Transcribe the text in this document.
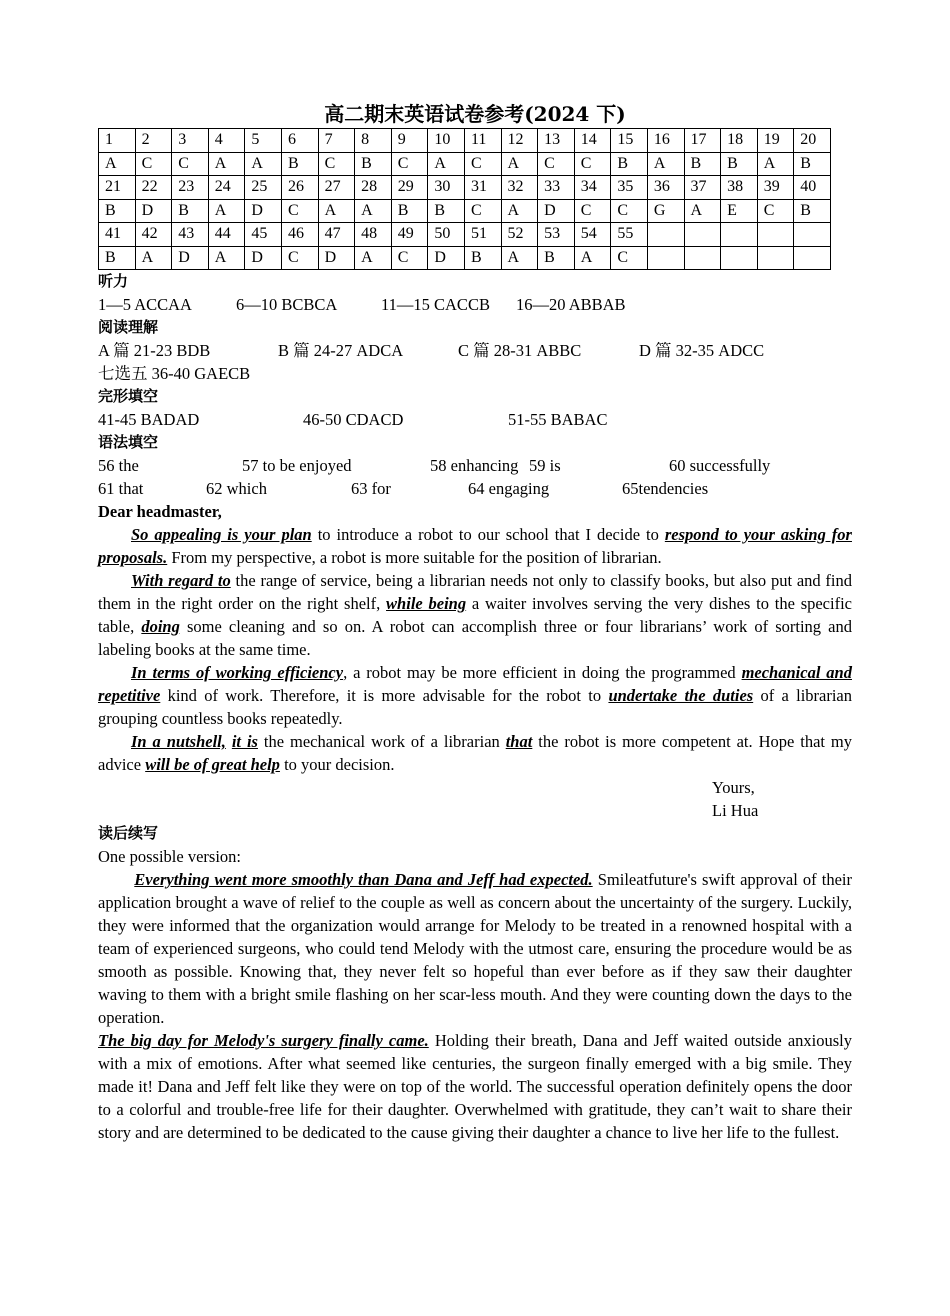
高二期末英语试卷参考(2024 下)
1	2	3	4	5	6	7	8	9	10	11	12	13	14	15	16	17	18	19	20
A	C	C	A	A	B	C	B	C	A	C	A	C	C	B	A	B	B	A	B
21	22	23	24	25	26	27	28	29	30	31	32	33	34	35	36	37	38	39	40
B	D	B	A	D	C	A	A	B	B	C	A	D	C	C	G	A	E	C	B
41	42	43	44	45	46	47	48	49	50	51	52	53	54	55					
B	A	D	A	D	C	D	A	C	D	B	A	B	A	C					
听力
1—5 ACCAA	6—10 BCBCA	11—15 CACCB 16—20 ABBAB
阅读理解
A 篇 21-23 BDB	B 篇 24-27 ADCA	C 篇 28-31 ABBC	D 篇 32-35 ADCC
七选五 36-40 GAECB
完形填空
41-45 BADAD	46-50 CDACD	51-55 BABAC
语法填空
56 the	57 to be enjoyed	58 enhancing 59 is	60 successfully
61 that	62 which	63 for	64 engaging	65tendencies
Dear headmaster,

So appealing is your plan to introduce a robot to our school that I decide to respond to your asking for proposals. From my perspective, a robot is more suitable for the position of librarian.

With regard to the range of service, being a librarian needs not only to classify books, but also put and find them in the right order on the right shelf, while being a waiter involves serving the very dishes to the specific table, doing some cleaning and so on. A robot can accomplish three or four librarians’ work of sorting and labeling books at the same time.

In terms of working efficiency, a robot may be more efficient in doing the programmed mechanical and repetitive kind of work. Therefore, it is more advisable for the robot to undertake the duties of a librarian grouping countless books repeatedly.

In a nutshell, it is the mechanical work of a librarian that the robot is more competent at. Hope that my advice will be of great help to your decision.

Yours,
Li Hua
读后续写
One possible version:

Everything went more smoothly than Dana and Jeff had expected. Smileatfuture's swift approval of their application brought a wave of relief to the couple as well as concern about the uncertainty of the surgery. Luckily, they were informed that the organization would arrange for Melody to be treated in a renowned hospital with a team of experienced surgeons, who could tend Melody with the utmost care, ensuring the procedure would be as smooth as possible. Knowing that, they never felt so hopeful than ever before as if they saw their daughter waving to them with a bright smile flashing on her scar-less mouth. And they were counting down the days to the operation.

The big day for Melody's surgery finally came. Holding their breath, Dana and Jeff waited outside anxiously with a mix of emotions. After what seemed like centuries, the surgeon finally emerged with a big smile. They made it! Dana and Jeff felt like they were on top of the world. The successful operation definitely opens the door to a colorful and trouble-free life for their daughter. Overwhelmed with gratitude, they can’t wait to share their story and are determined to be dedicated to the cause giving their daughter a chance to live her life to the fullest.
